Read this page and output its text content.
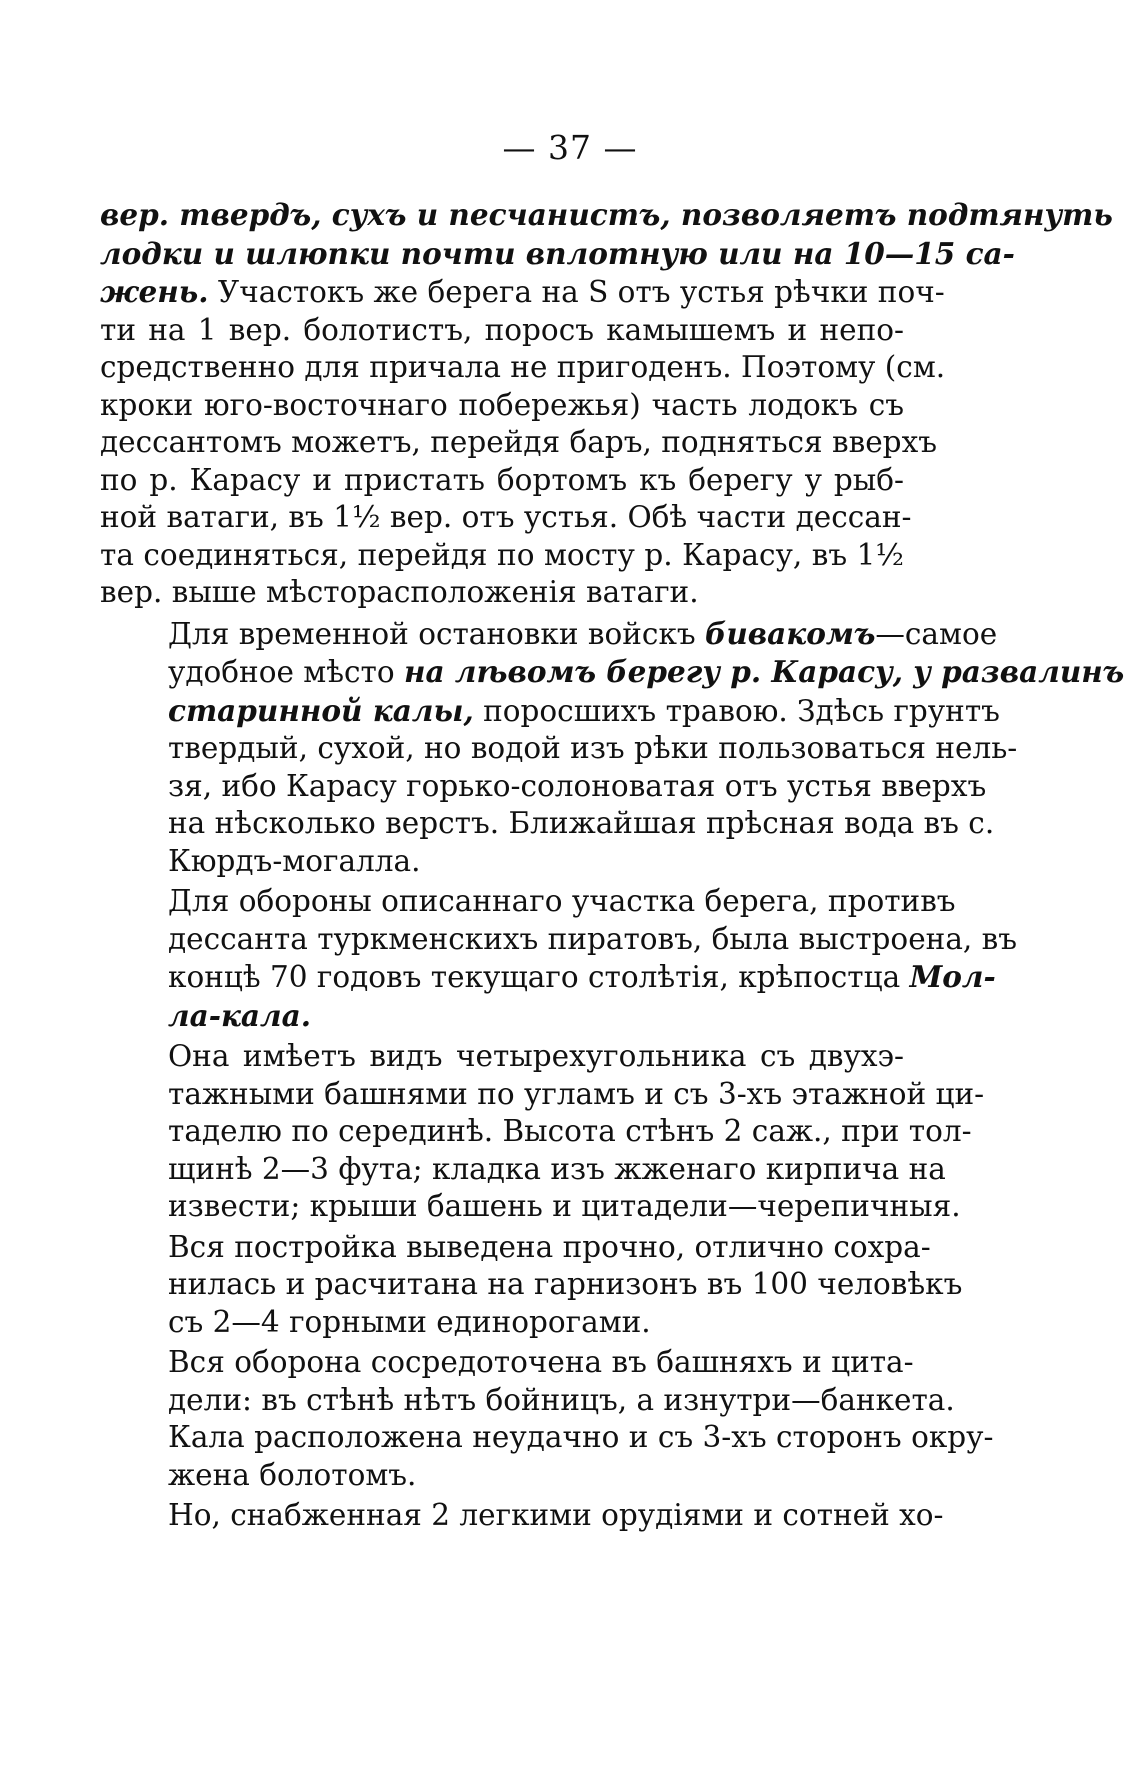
— 37 —
вер. твердъ, сухъ и песчанистъ, позволяетъ подтянуть
лодки и шлюпки почти вплотную или на 10—15 са-
жень. Участокъ же берега на S отъ устья рѣчки поч-
ти на 1 вер. болотистъ, поросъ камышемъ и непо-
средственно для причала не пригоденъ. Поэтому (см.
кроки юго-восточнаго побережья) часть лодокъ съ
дессантомъ можетъ, перейдя баръ, подняться вверхъ
по р. Карасу и пристать бортомъ къ берегу у рыб-
ной ватаги, въ 1½ вер. отъ устья. Обѣ части дессан-
та соединяться, перейдя по мосту р. Карасу, въ 1½
вер. выше мѣсторасположенія ватаги.
Для временной остановки войскъ бивакомъ—самое
удобное мѣсто на лѣвомъ берегу р. Карасу, у развалинъ
старинной калы, поросшихъ травою. Здѣсь грунтъ
твердый, сухой, но водой изъ рѣки пользоваться нель-
зя, ибо Карасу горько-солоноватая отъ устья вверхъ
на нѣсколько верстъ. Ближайшая прѣсная вода въ с.
Кюрдъ-могалла.
Для обороны описаннаго участка берега, противъ
дессанта туркменскихъ пиратовъ, была выстроена, въ
концѣ 70 годовъ текущаго столѣтія, крѣпостца Мол-
ла-кала.
Она имѣетъ видъ четырехугольника съ двухэ-
тажными башнями по угламъ и съ 3-хъ этажной ци-
таделю по серединѣ. Высота стѣнъ 2 саж., при тол-
щинѣ 2—3 фута; кладка изъ жженаго кирпича на
извести; крыши башень и цитадели—черепичныя.
Вся постройка выведена прочно, отлично сохра-
нилась и расчитана на гарнизонъ въ 100 человѣкъ
съ 2—4 горными единорогами.
Вся оборона сосредоточена въ башняхъ и цита-
дели: въ стѣнѣ нѣтъ бойницъ, а изнутри—банкета.
Кала расположена неудачно и съ 3-хъ сторонъ окру-
жена болотомъ.
Но, снабженная 2 легкими орудіями и сотней хо-
